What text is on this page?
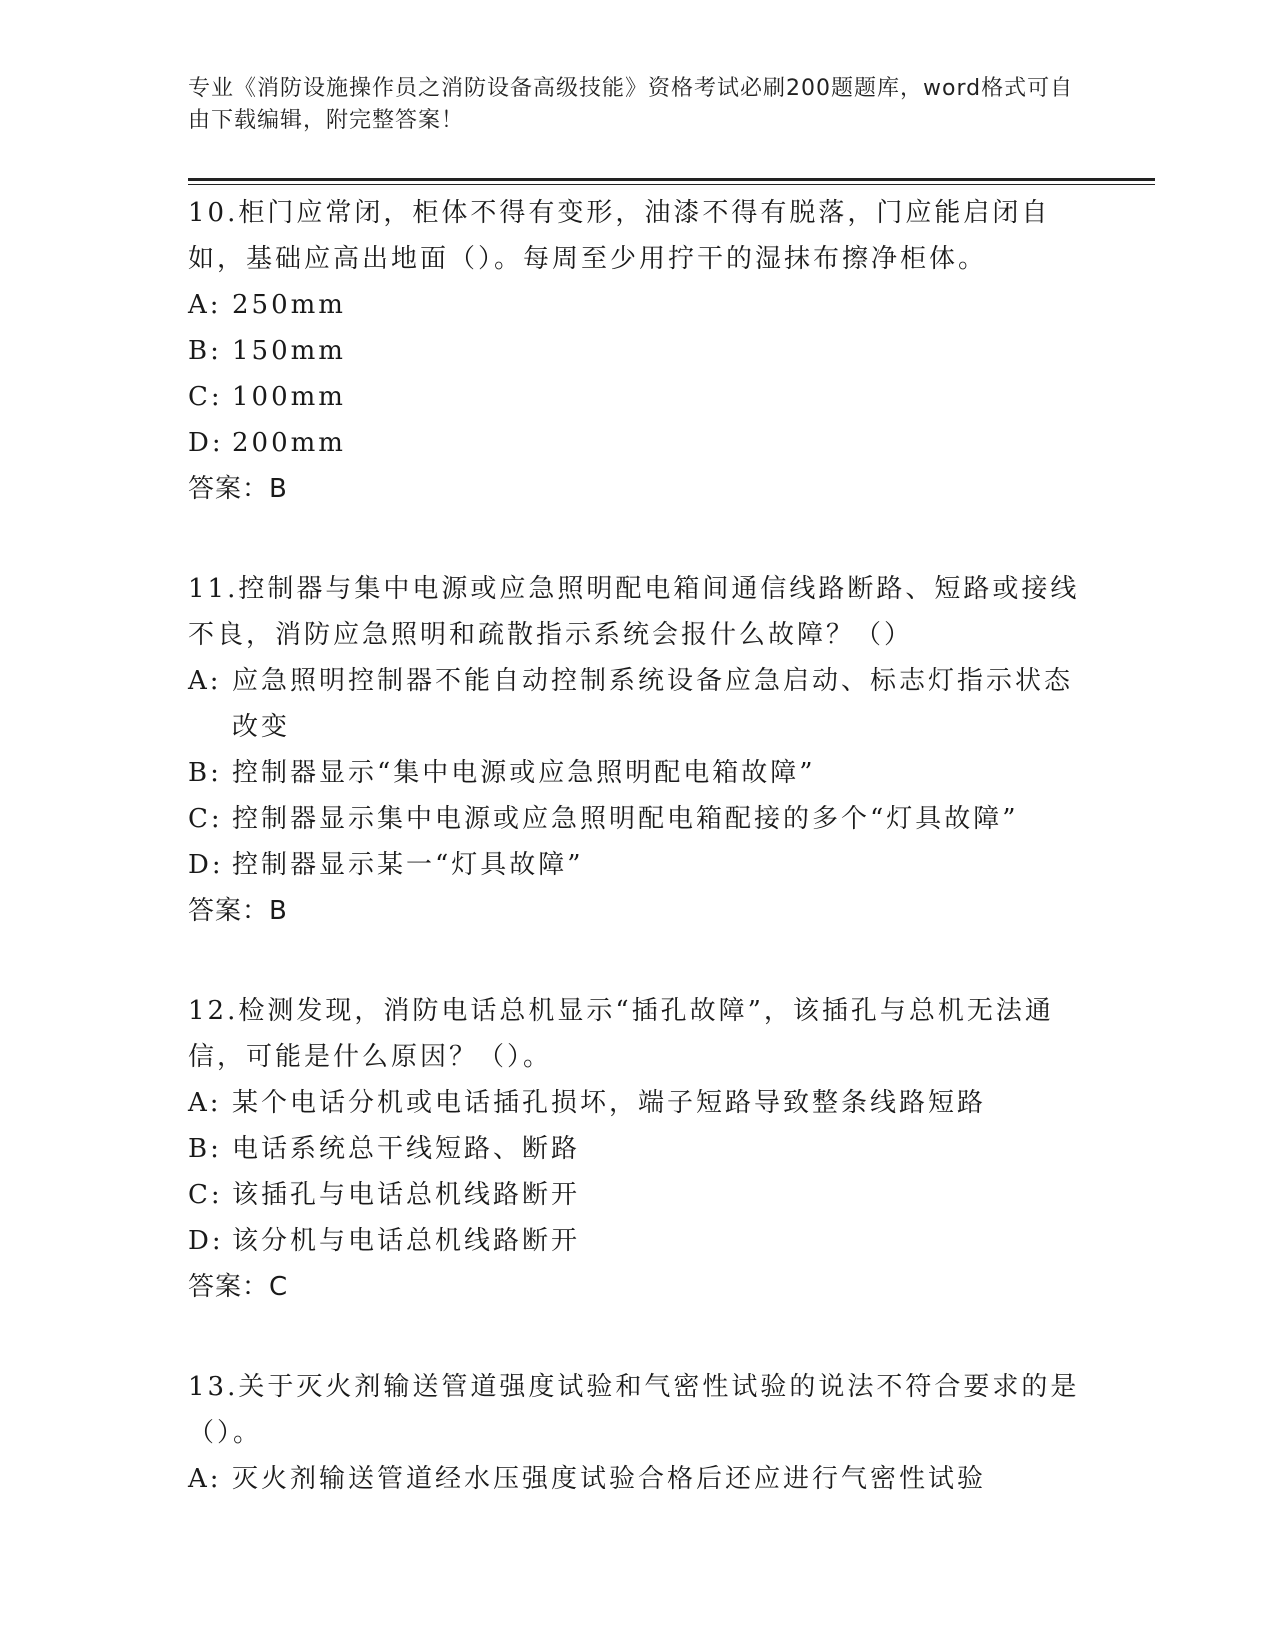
专业《消防设施操作员之消防设备高级技能》资格考试必刷200题题库，word格式可自由下载编辑，附完整答案！

10.柜门应常闭，柜体不得有变形，油漆不得有脱落，门应能启闭自如，基础应高出地面（）。每周至少用拧干的湿抹布擦净柜体。

A: 250mm
B: 150mm
C: 100mm
D: 200mm

答案：B

11.控制器与集中电源或应急照明配电箱间通信线路断路、短路或接线不良，消防应急照明和疏散指示系统会报什么故障？（）

A: 应急照明控制器不能自动控制系统设备应急启动、标志灯指示状态改变
B: 控制器显示“集中电源或应急照明配电箱故障”
C: 控制器显示集中电源或应急照明配电箱配接的多个“灯具故障”
D: 控制器显示某一“灯具故障”

答案：B

12.检测发现，消防电话总机显示“插孔故障”，该插孔与总机无法通信，可能是什么原因？（）。

A: 某个电话分机或电话插孔损坏，端子短路导致整条线路短路
B: 电话系统总干线短路、断路
C: 该插孔与电话总机线路断开
D: 该分机与电话总机线路断开

答案：C

13.关于灭火剂输送管道强度试验和气密性试验的说法不符合要求的是（）。

A: 灭火剂输送管道经水压强度试验合格后还应进行气密性试验
